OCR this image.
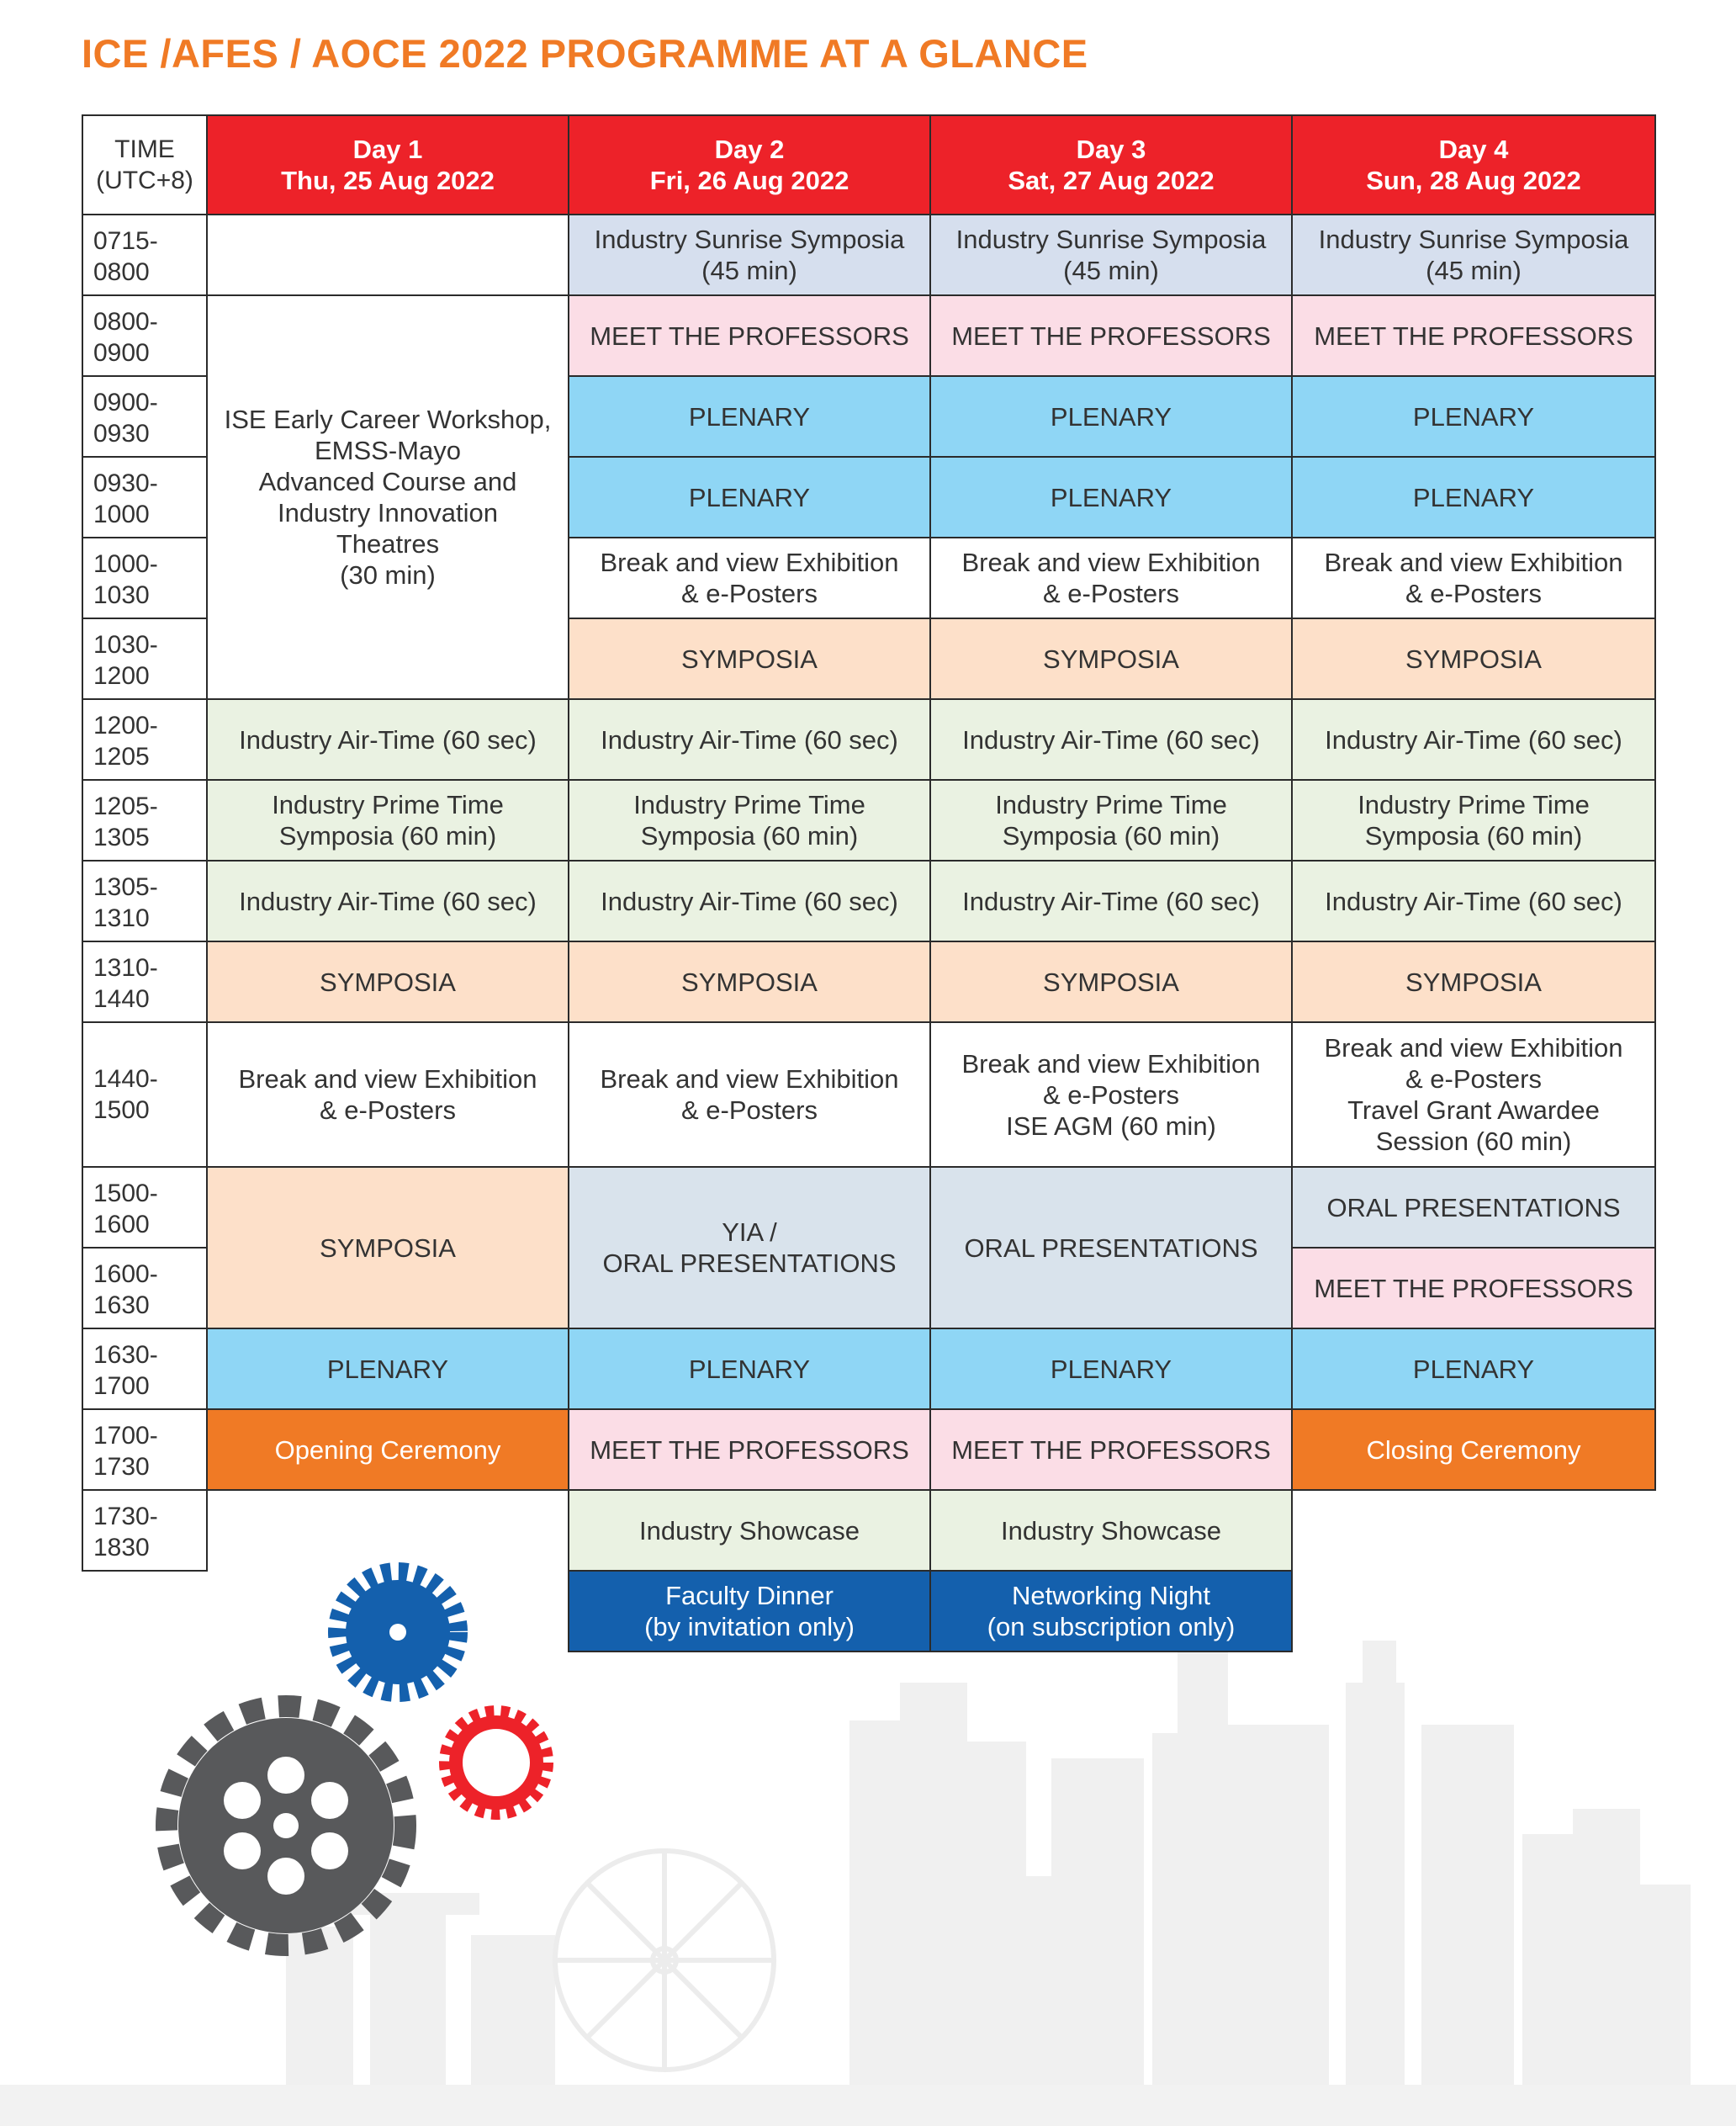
ICE /AFES / AOCE 2022 PROGRAMME AT A GLANCE
TIME
(UTC+8)
Day 1
Thu, 25 Aug 2022
Day 2
Fri, 26 Aug 2022
Day 3
Sat, 27 Aug 2022
Day 4
Sun, 28 Aug 2022
0715-
0800
0800-
0900
0900-
0930
0930-
1000
1000-
1030
1030-
1200
1200-
1205
1205-
1305
1305-
1310
1310-
1440
1440-
1500
1500-
1600
1600-
1630
1630-
1700
1700-
1730
1730-
1830
ISE Early Career Workshop,
EMSS-Mayo
Advanced Course and
Industry Innovation
Theatres
(30 min)
Industry Air-Time (60 sec)
Industry Prime Time
Symposia (60 min)
Industry Air-Time (60 sec)
SYMPOSIA
Break and view Exhibition
& e-Posters
SYMPOSIA
PLENARY
Opening Ceremony
Industry Sunrise Symposia
(45 min)
MEET THE PROFESSORS
PLENARY
PLENARY
Break and view Exhibition
& e-Posters
SYMPOSIA
Industry Air-Time (60 sec)
Industry Prime Time
Symposia (60 min)
Industry Air-Time (60 sec)
SYMPOSIA
Break and view Exhibition
& e-Posters
YIA /
ORAL PRESENTATIONS
PLENARY
MEET THE PROFESSORS
Industry Showcase
Faculty Dinner
(by invitation only)
Industry Sunrise Symposia
(45 min)
MEET THE PROFESSORS
PLENARY
PLENARY
Break and view Exhibition
& e-Posters
SYMPOSIA
Industry Air-Time (60 sec)
Industry Prime Time
Symposia (60 min)
Industry Air-Time (60 sec)
SYMPOSIA
Break and view Exhibition
& e-Posters
ISE AGM (60 min)
ORAL PRESENTATIONS
PLENARY
MEET THE PROFESSORS
Industry Showcase
Networking Night
(on subscription only)
Industry Sunrise Symposia
(45 min)
MEET THE PROFESSORS
PLENARY
PLENARY
Break and view Exhibition
& e-Posters
SYMPOSIA
Industry Air-Time (60 sec)
Industry Prime Time
Symposia (60 min)
Industry Air-Time (60 sec)
SYMPOSIA
Break and view Exhibition
& e-Posters
Travel Grant Awardee
Session (60 min)
ORAL PRESENTATIONS
MEET THE PROFESSORS
PLENARY
Closing Ceremony
